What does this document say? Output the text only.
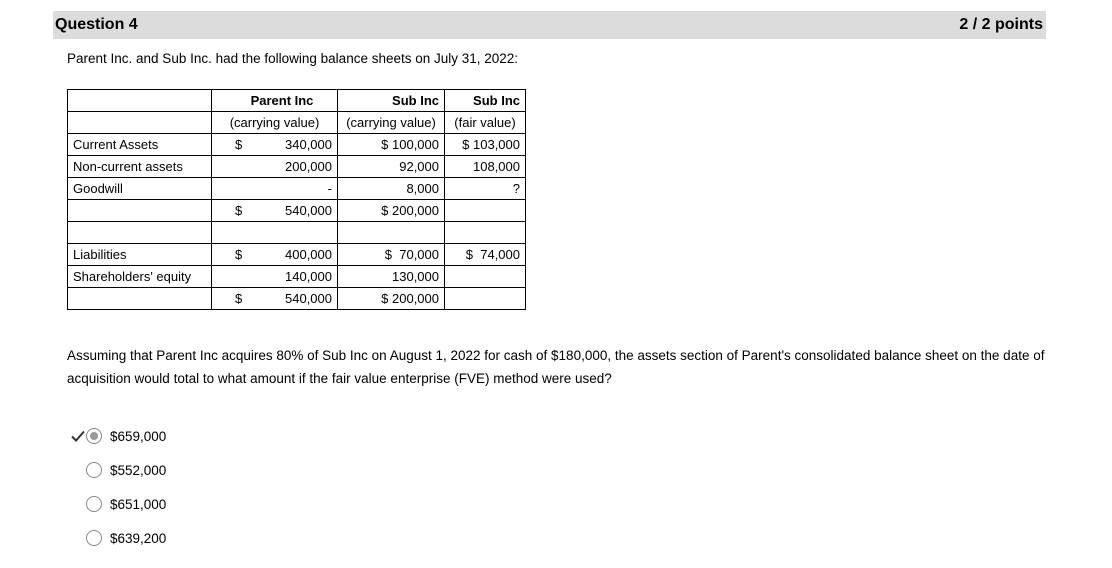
Question 4	2 / 2 points
Parent Inc. and Sub Inc. had the following balance sheets on July 31, 2022:
	Parent Inc	Sub Inc	Sub Inc
	(carrying value)	(carrying value)	(fair value)
Current Assets	$ 340,000	$ 100,000	$ 103,000
Non-current assets	200,000	92,000	108,000
Goodwill	-	8,000	?

	$ 540,000	$ 200,000	

Liabilities	$ 400,000	$  70,000	$  74,000
Shareholders' equity	140,000	130,000	

	$ 540,000	$ 200,000	
Assuming that Parent Inc acquires 80% of Sub Inc on August 1, 2022 for cash of $180,000, the assets section of Parent's consolidated balance sheet on the date of acquisition would total to what amount if the fair value enterprise (FVE) method were used?
$659,000
$552,000
$651,000
$639,200
